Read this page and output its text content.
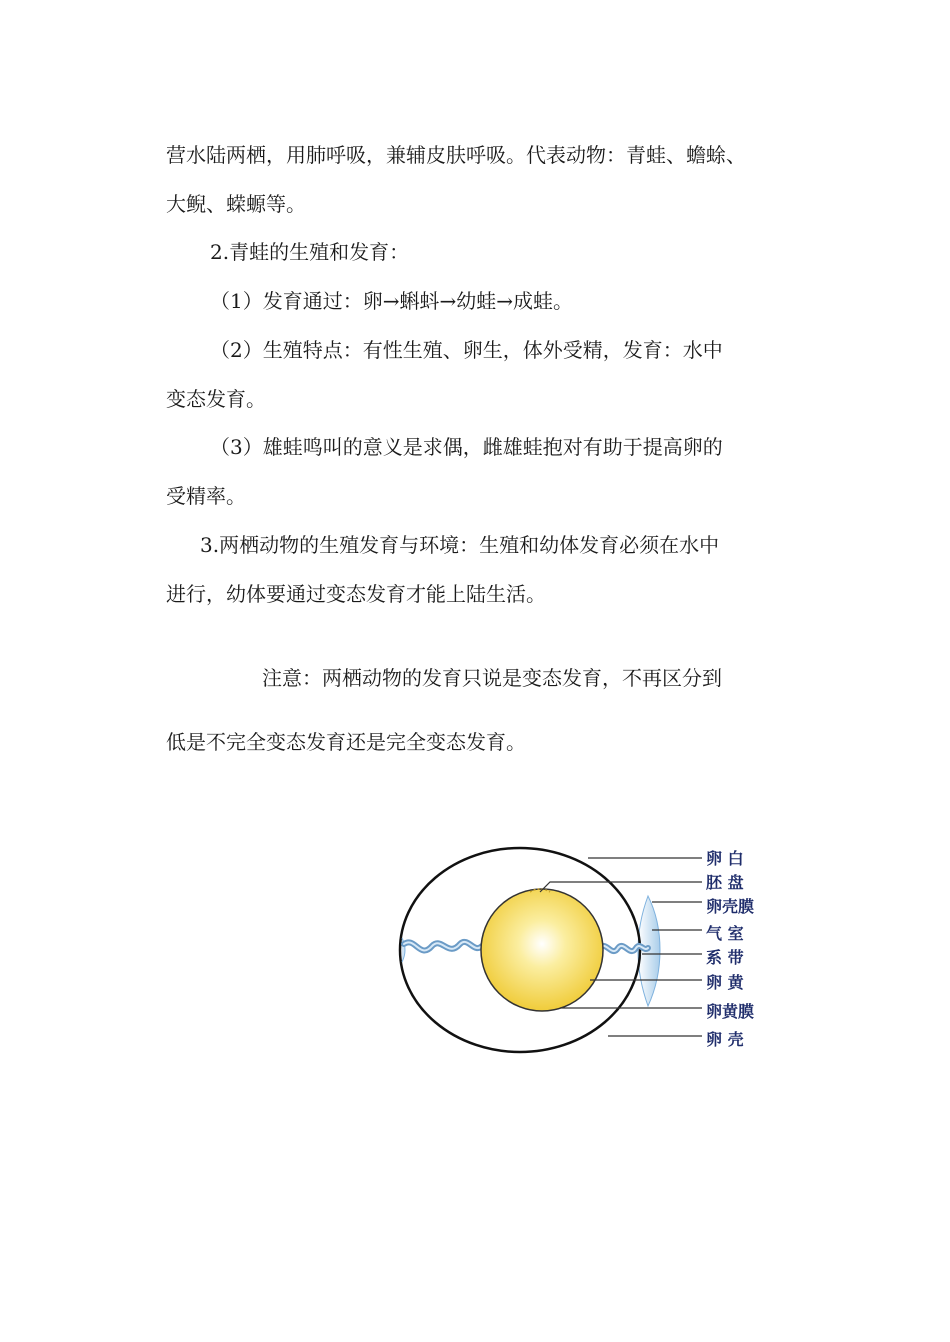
营水陆两栖，用肺呼吸，兼辅皮肤呼吸。代表动物：青蛙、蟾蜍、
大鲵、蝾螈等。
2.青蛙的生殖和发育：
（1）发育通过：卵→蝌蚪→幼蛙→成蛙。
（2）生殖特点：有性生殖、卵生，体外受精，发育：水中
变态发育。
（3）雄蛙鸣叫的意义是求偶，雌雄蛙抱对有助于提高卵的
受精率。
3.两栖动物的生殖发育与环境：生殖和幼体发育必须在水中
进行，幼体要通过变态发育才能上陆生活。
注意：两栖动物的发育只说是变态发育，不再区分到
低是不完全变态发育还是完全变态发育。
卵 白
胚 盘
卵壳膜
气 室
系 带
卵 黄
卵黄膜
卵 壳
